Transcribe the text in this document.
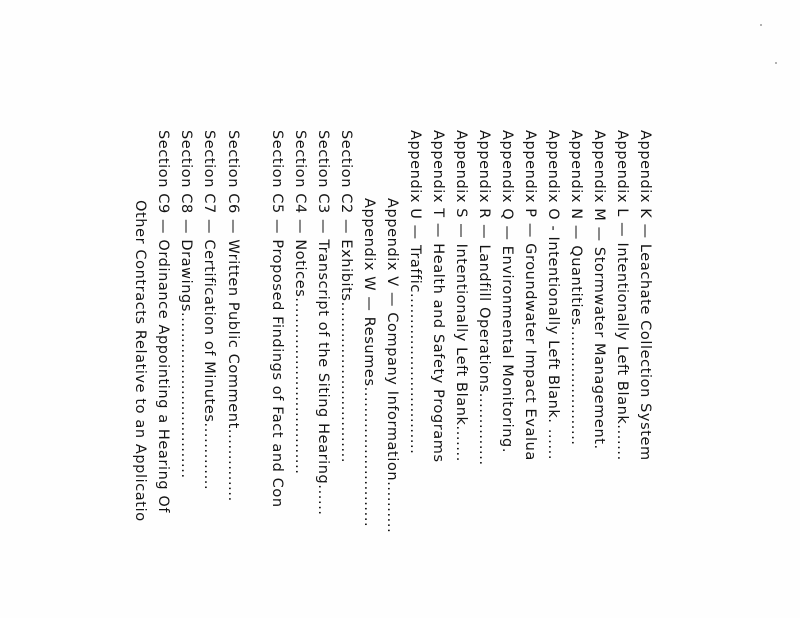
Appendix K — Leachate Collection System
Appendix L — Intentionally Left Blank.......
Appendix M — Stormwater Management.
Appendix N — Quantities.......................
Appendix O - Intentionally Left Blank. ......
Appendix P — Groundwater Impact Evalua
Appendix Q — Environmental Monitoring.
Appendix R — Landfill Operations..............
Appendix S — Intentionally Left Blank.......
Appendix T — Health and Safety Programs
Appendix U — Traffic...............................
Appendix V — Company Information..........
Appendix W — Resumes...........................
Section C2 — Exhibits...............................
Section C3 — Transcript of the Siting Hearing......
Section C4 — Notices..................................
Section C5 — Proposed Findings of Fact and Con
Section C6 — Written Public Comment..............
Section C7 — Certification of Minutes.............
Section C8 — Drawings................................
Section C9 — Ordinance Appointing a Hearing Of
Other Contracts Relative to an Applicatio
